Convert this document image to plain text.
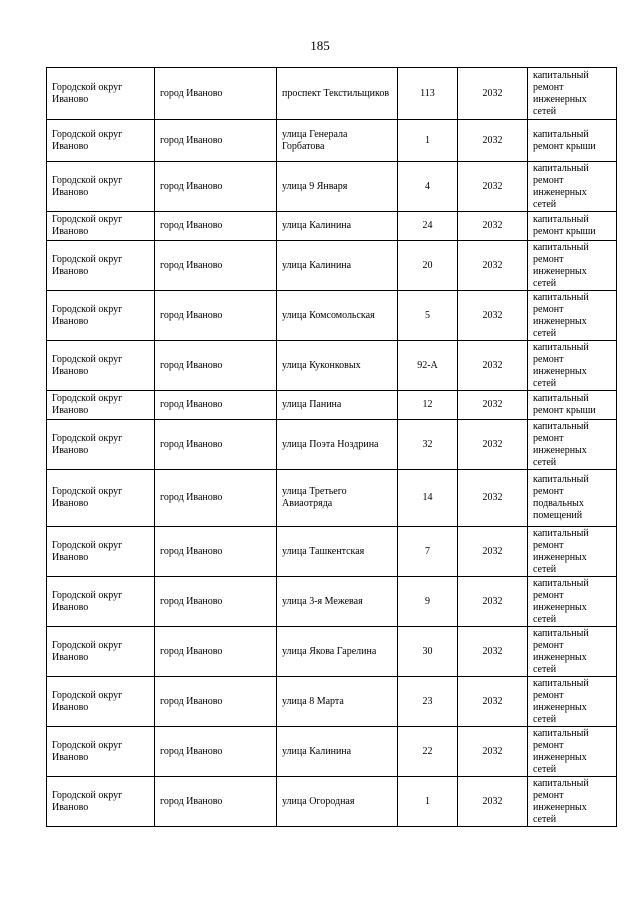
185
Городской округ Иваново	город Иваново	проспект Текстильщиков	113	2032	капитальный ремонт инженерных сетей
Городской округ Иваново	город Иваново	улица Генерала Горбатова	1	2032	капитальный ремонт крыши
Городской округ Иваново	город Иваново	улица 9 Января	4	2032	капитальный ремонт инженерных сетей
Городской округ Иваново	город Иваново	улица Калинина	24	2032	капитальный ремонт крыши
Городской округ Иваново	город Иваново	улица Калинина	20	2032	капитальный ремонт инженерных сетей
Городской округ Иваново	город Иваново	улица Комсомольская	5	2032	капитальный ремонт инженерных сетей
Городской округ Иваново	город Иваново	улица Куконковых	92-А	2032	капитальный ремонт инженерных сетей
Городской округ Иваново	город Иваново	улица Панина	12	2032	капитальный ремонт крыши
Городской округ Иваново	город Иваново	улица Поэта Ноздрина	32	2032	капитальный ремонт инженерных сетей
Городской округ Иваново	город Иваново	улица Третьего Авиаотряда	14	2032	капитальный ремонт подвальных помещений
Городской округ Иваново	город Иваново	улица Ташкентская	7	2032	капитальный ремонт инженерных сетей
Городской округ Иваново	город Иваново	улица 3-я Межевая	9	2032	капитальный ремонт инженерных сетей
Городской округ Иваново	город Иваново	улица Якова Гарелина	30	2032	капитальный ремонт инженерных сетей
Городской округ Иваново	город Иваново	улица 8 Марта	23	2032	капитальный ремонт инженерных сетей
Городской округ Иваново	город Иваново	улица Калинина	22	2032	капитальный ремонт инженерных сетей
Городской округ Иваново	город Иваново	улица Огородная	1	2032	капитальный ремонт инженерных сетей
